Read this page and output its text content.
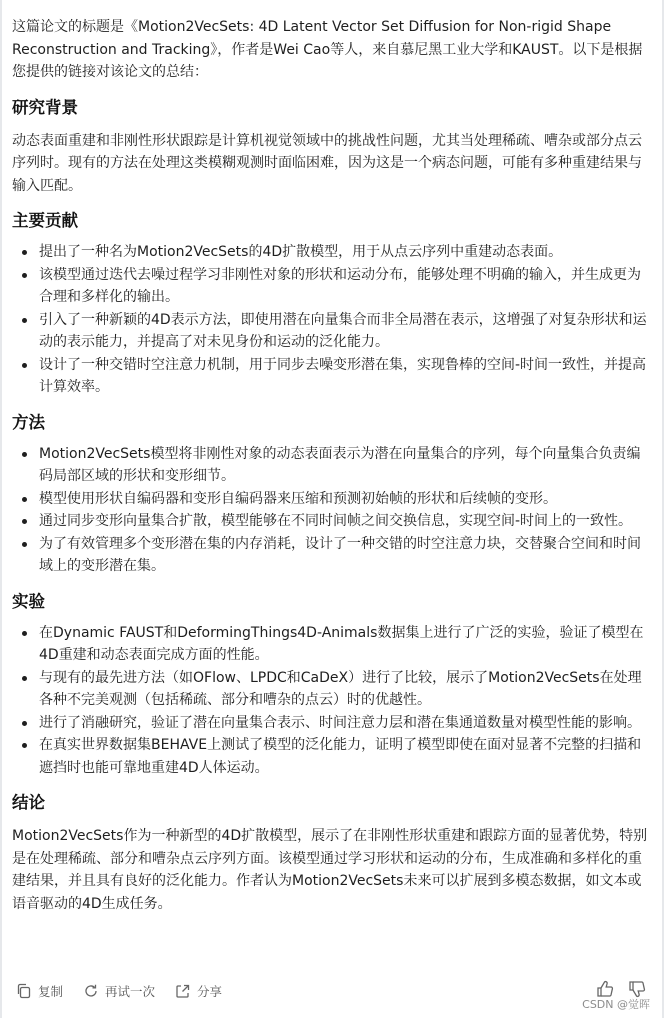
这篇论文的标题是《Motion2VecSets: 4D Latent Vector Set Diffusion for Non-rigid Shape Reconstruction and Tracking》，作者是Wei Cao等人，来自慕尼黑工业大学和KAUST。以下是根据您提供的链接对该论文的总结：

研究背景

动态表面重建和非刚性形状跟踪是计算机视觉领域中的挑战性问题，尤其当处理稀疏、嘈杂或部分点云序列时。现有的方法在处理这类模糊观测时面临困难，因为这是一个病态问题，可能有多种重建结果与输入匹配。

主要贡献
提出了一种名为Motion2VecSets的4D扩散模型，用于从点云序列中重建动态表面。
该模型通过迭代去噪过程学习非刚性对象的形状和运动分布，能够处理不明确的输入，并生成更为合理和多样化的输出。
引入了一种新颖的4D表示方法，即使用潜在向量集合而非全局潜在表示，这增强了对复杂形状和运动的表示能力，并提高了对未见身份和运动的泛化能力。
设计了一种交错时空注意力机制，用于同步去噪变形潜在集，实现鲁棒的空间-时间一致性，并提高计算效率。
方法
Motion2VecSets模型将非刚性对象的动态表面表示为潜在向量集合的序列，每个向量集合负责编码局部区域的形状和变形细节。
模型使用形状自编码器和变形自编码器来压缩和预测初始帧的形状和后续帧的变形。
通过同步变形向量集合扩散，模型能够在不同时间帧之间交换信息，实现空间-时间上的一致性。
为了有效管理多个变形潜在集的内存消耗，设计了一种交错的时空注意力块，交替聚合空间和时间域上的变形潜在集。
实验
在Dynamic FAUST和DeformingThings4D-Animals数据集上进行了广泛的实验，验证了模型在4D重建和动态表面完成方面的性能。
与现有的最先进方法（如OFlow、LPDC和CaDeX）进行了比较，展示了Motion2VecSets在处理各种不完美观测（包括稀疏、部分和嘈杂的点云）时的优越性。
进行了消融研究，验证了潜在向量集合表示、时间注意力层和潜在集通道数量对模型性能的影响。
在真实世界数据集BEHAVE上测试了模型的泛化能力，证明了模型即使在面对显著不完整的扫描和遮挡时也能可靠地重建4D人体运动。
结论

Motion2VecSets作为一种新型的4D扩散模型，展示了在非刚性形状重建和跟踪方面的显著优势，特别是在处理稀疏、部分和嘈杂点云序列方面。该模型通过学习形状和运动的分布，生成准确和多样化的重建结果，并且具有良好的泛化能力。作者认为Motion2VecSets未来可以扩展到多模态数据，如文本或语音驱动的4D生成任务。

复制	再试一次	分享
CSDN @觉晖
